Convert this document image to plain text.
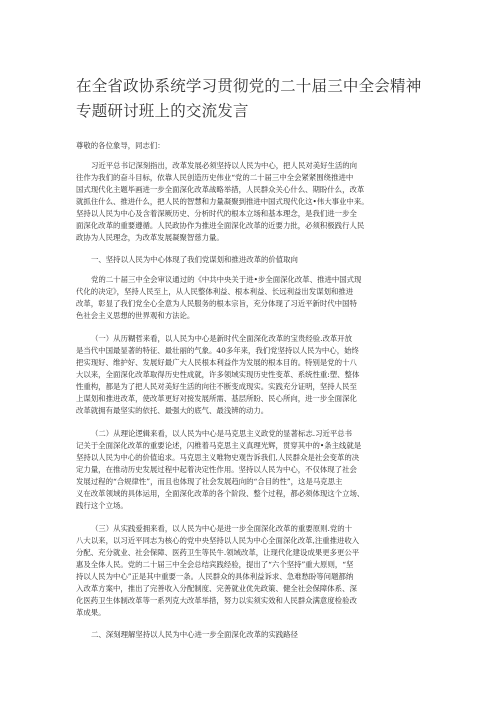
在全省政协系统学习贯彻党的二十届三中全会精神
专题研讨班上的交流发言
尊敬的各位象导，同志们：
习近平总书记深刻指出，改革发展必须坚持以人民为中心，把人民对美好生活的向
往作为我们的奋斗目标，依靠人民创造历史伟业“党的二十届三中全会紧紧围绕推进中
国式现代化主题毕画进一步全面深化改革战略举措，人民群众关心什么、期盼什么，改革
就抓住什么、推进什么，把人民的智慧和力量凝聚到推进中国式现代化这•伟大事业中来。
坚持以人民为中心及含着深厥历史、分析时代的根本立场和基本理念，是我们进一步全
面深化改革的重要遵循。人民政协作为推进全面深化改革的近要力批，必须积极践行人民
政协为人民理念，为改革发展凝聚智慈力量。
一、坚持以人民为中心体现了我们党谋划和推进改革的价值取向
党的二十届三中全会审议通过的《中共中央关于进•步全面深化改革、推进中国式现
代化的决定》，坚持人民至上，从人民整体利益、根本利益、长远利益出发谋划和推进
改革，彰显了我们党全心全意为人民服务的根本宗旨，充分体现了习近平新时代中国特
色社会主义思想的世界观和方法论。
（一）从历糊哲来看，以人民为中心是新时代全面深化改革的宝贵经验.改革开放
是当代中国最显著的特征、最壮丽的气象。40多年来，我们党坚持以人民为中心，始终
把实现好、维护好、发展好最广大人民根本利益作为发展的根本目的。特别是党的十八
大以来，全面深化改革取得历史性成就，许多领域实现历史性变革、系统性重:塑、整体
性重构，都是为了把人民对美好生活的向往不断变成现实。实践充分证明，坚持人民至
上谋划和推进改革，使改革更好对接发展所需、基层所盼、民心所向，进一步全面深化
改革就拥有最坚实的依托、最强大的底气、最浅辨的动力。
（二）从理论逻辑来看，以人民为中心是马克思主义政党的显著标志.习近平总书
记关于全面深化改革的重要论述，闪椎着马克思主义真理光辉，贯穿其中的•条主线就是
坚持以人民为中心的价值追求。马克思主义唯物史观告诉我们,人民群众是社会变革的决
定力量，在推动历史发展过程中起着决定性作用。坚持以人民为中心，不仅体现了社会
发展过程的“合规律性”，而且也体现了社会发展趋向的“合目的性”，这是马克思主
义在改革领域的具体运用，全面深化改革的各个阶段、整个过程，都必须体现这个立场、
践行这个立场。
（三）从实践爱拥来看，以人民为中心是进一步全面深化改革的重要原则.党的十
八大以来，以习近平同志为核心的党中央坚持以人民为中心全面深化改革,注重推进收入
分配、充分就业、社会保障、医药卫生等民牛.领域改革，让现代化建设成果更多更公平
惠及全体人民。党的二十届三中全会总结宾践经验，提出了“六个坚持”重大原则，“坚
持以人民为中心”正是其中重要一条。人民群众的具体利益诉求、急难愁盼等问题都纳
入改革方案中，推出了完善收入分配制度、完善就业优先政策、健全社会保障体系、深
化医药卫生体制改革等一系列克大改革举措，努力以实须实效和人民群众满意度检验改
革成果。
二、深刻理解坚持以人民为中心进一步全面深化改革的实践路径
